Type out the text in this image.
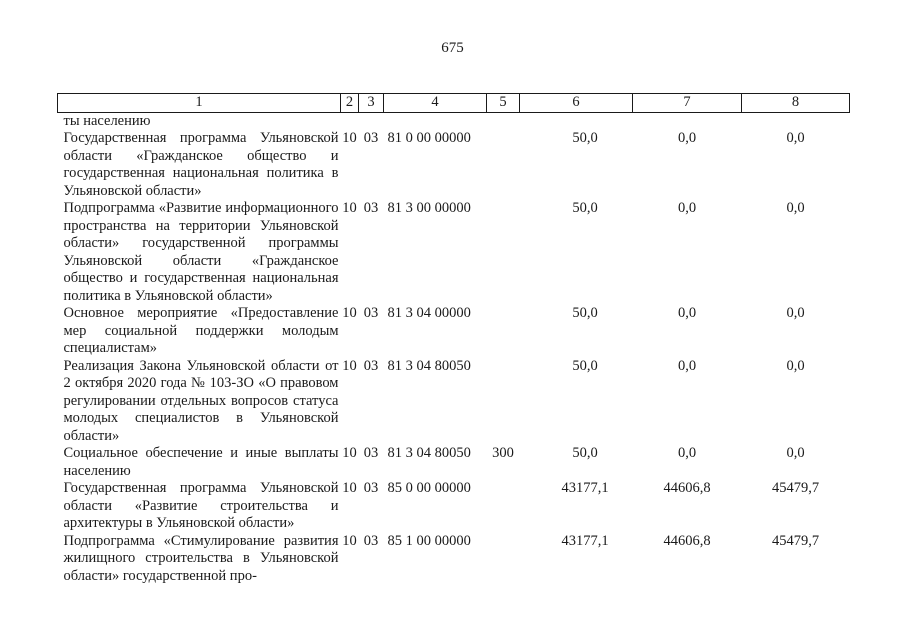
675
1	2	3	4	5	6	7	8
ты населению							
Государственная программа Ульяновской области «Гражданское общество и государственная национальная политика в Ульяновской области»	10	03	81 0 00 00000		50,0	0,0	0,0
Подпрограмма «Развитие информационного пространства на территории Ульяновской области» государственной программы Ульяновской области «Гражданское общество и государственная национальная политика в Ульяновской области»	10	03	81 3 00 00000		50,0	0,0	0,0
Основное мероприятие «Предоставление мер социальной поддержки молодым специалистам»	10	03	81 3 04 00000		50,0	0,0	0,0
Реализация Закона Ульяновской области от 2 октября 2020 года № 103-ЗО «О правовом регулировании отдельных вопросов статуса молодых специалистов в Ульяновской области»	10	03	81 3 04 80050		50,0	0,0	0,0
Социальное обеспечение и иные выплаты населению	10	03	81 3 04 80050	300	50,0	0,0	0,0
Государственная программа Ульяновской области «Развитие строительства и архитектуры в Ульяновской области»	10	03	85 0 00 00000		43177,1	44606,8	45479,7
Подпрограмма «Стимулирование развития жилищного строительства в Ульяновской области» государственной про-	10	03	85 1 00 00000		43177,1	44606,8	45479,7
